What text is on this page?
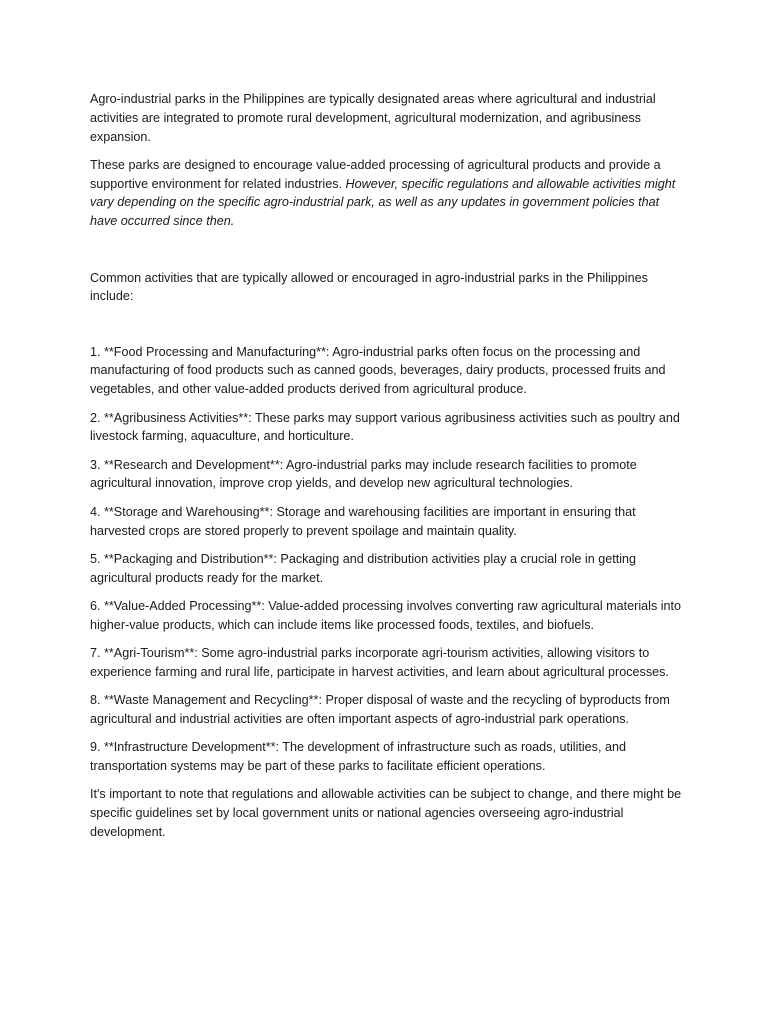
Agro-industrial parks in the Philippines are typically designated areas where agricultural and industrial activities are integrated to promote rural development, agricultural modernization, and agribusiness expansion.

These parks are designed to encourage value-added processing of agricultural products and provide a supportive environment for related industries. However, specific regulations and allowable activities might vary depending on the specific agro-industrial park, as well as any updates in government policies that have occurred since then.

Common activities that are typically allowed or encouraged in agro-industrial parks in the Philippines include:

1. **Food Processing and Manufacturing**: Agro-industrial parks often focus on the processing and manufacturing of food products such as canned goods, beverages, dairy products, processed fruits and vegetables, and other value-added products derived from agricultural produce.

2. **Agribusiness Activities**: These parks may support various agribusiness activities such as poultry and livestock farming, aquaculture, and horticulture.

3. **Research and Development**: Agro-industrial parks may include research facilities to promote agricultural innovation, improve crop yields, and develop new agricultural technologies.

4. **Storage and Warehousing**: Storage and warehousing facilities are important in ensuring that harvested crops are stored properly to prevent spoilage and maintain quality.

5. **Packaging and Distribution**: Packaging and distribution activities play a crucial role in getting agricultural products ready for the market.

6. **Value-Added Processing**: Value-added processing involves converting raw agricultural materials into higher-value products, which can include items like processed foods, textiles, and biofuels.

7. **Agri-Tourism**: Some agro-industrial parks incorporate agri-tourism activities, allowing visitors to experience farming and rural life, participate in harvest activities, and learn about agricultural processes.

8. **Waste Management and Recycling**: Proper disposal of waste and the recycling of byproducts from agricultural and industrial activities are often important aspects of agro-industrial park operations.

9. **Infrastructure Development**: The development of infrastructure such as roads, utilities, and transportation systems may be part of these parks to facilitate efficient operations.

It's important to note that regulations and allowable activities can be subject to change, and there might be specific guidelines set by local government units or national agencies overseeing agro-industrial development.
